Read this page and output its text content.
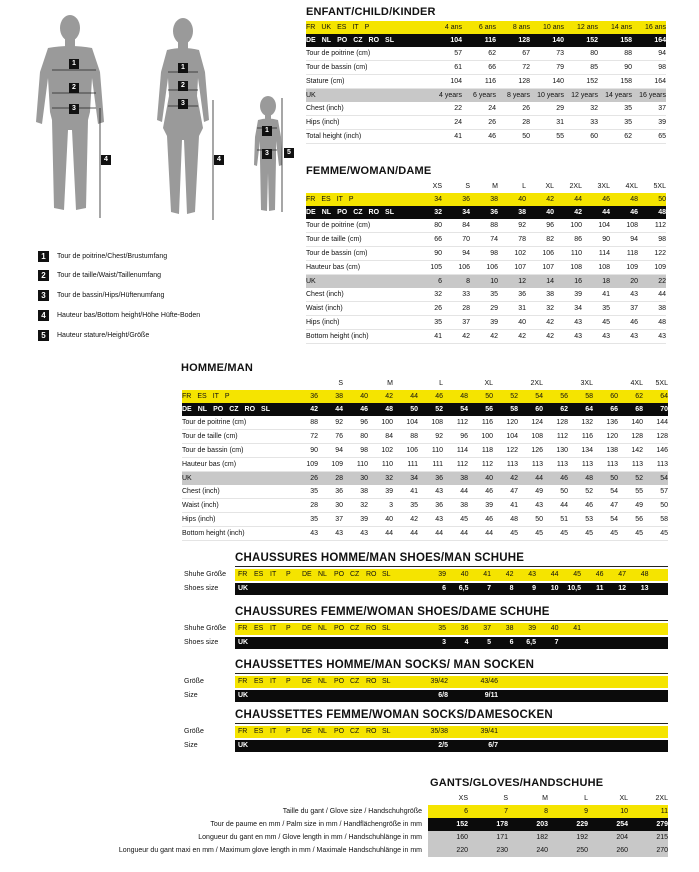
1
2
3
4
1
2
3
4
1
3	5
1 Tour de poitrine/Chest/Brustumfang
2 Tour de taille/Waist/Taillenumfang
3 Tour de bassin/Hips/Hüftenumfang
4 Hauteur bas/Bottom height/Höhe Hüfte-Boden
5 Hauteur stature/Height/Größe
ENFANT/CHILD/KINDER
FR UK ES IT P	4 ans	6 ans	8 ans	10 ans	12 ans	14 ans	16 ans
DE NL PO CZ RO SL	104	116	128	140	152	158	164
Tour de poitrine (cm)	57	62	67	73	80	88	94
Tour de bassin (cm)	61	66	72	79	85	90	98
Stature (cm)	104	116	128	140	152	158	164
UK	4 years	6 years	8 years	10 years	12 years	14 years	16 years
Chest (inch)	22	24	26	29	32	35	37
Hips (inch)	24	26	28	31	33	35	39
Total height (inch)	41	46	50	55	60	62	65
FEMME/WOMAN/DAME
	XS	S	M	L	XL	2XL	3XL	4XL	5XL
FR ES IT P	34	36	38	40	42	44	46	48	50
DE NL PO CZ RO SL	32	34	36	38	40	42	44	46	48
Tour de poitrine (cm)	80	84	88	92	96	100	104	108	112
Tour de taille (cm)	66	70	74	78	82	86	90	94	98
Tour de bassin (cm)	90	94	98	102	106	110	114	118	122
Hauteur bas (cm)	105	106	106	107	107	108	108	109	109
UK	6	8	10	12	14	16	18	20	22
Chest (inch)	32	33	35	36	38	39	41	43	44
Waist (inch)	26	28	29	31	32	34	35	37	38
Hips (inch)	35	37	39	40	42	43	45	46	48
Bottom height (inch)	41	42	42	42	42	43	43	43	43
HOMME/MAN
		S		M		L		XL		2XL		3XL		4XL	5XL
FR ES IT P	36	38	40	42	44	46	48	50	52	54	56	58	60	62	64
DE NL PO CZ RO SL	42	44	46	48	50	52	54	56	58	60	62	64	66	68	70
Tour de poitrine (cm)	88	92	96	100	104	108	112	116	120	124	128	132	136	140	144
Tour de taille (cm)	72	76	80	84	88	92	96	100	104	108	112	116	120	128	128
Tour de bassin (cm)	90	94	98	102	106	110	114	118	122	126	130	134	138	142	146
Hauteur bas (cm)	109	109	110	110	111	111	112	112	113	113	113	113	113	113	113
UK	26	28	30	32	34	36	38	40	42	44	46	48	50	52	54
Chest (inch)	35	36	38	39	41	43	44	46	47	49	50	52	54	55	57
Waist (inch)	28	30	32	3	35	36	38	39	41	43	44	46	47	49	50
Hips (inch)	35	37	39	40	42	43	45	46	48	50	51	53	54	56	58
Bottom height (inch)	43	43	43	44	44	44	44	44	45	45	45	45	45	45	45
CHAUSSURES HOMME/MAN SHOES/MAN SCHUHE
Shuhe Größe FR ES IT P DE NL PO CZ RO SL	39	40	41	42	43	44	45	46	47	48
Shoes size	UK	6	6,5	7	8	9	10	10,5	11	12	13
CHAUSSURES FEMME/WOMAN SHOES/DAME SCHUHE
Shuhe Größe FR ES IT P DE NL PO CZ RO SL	35	36	37	38	39	40	41
Shoes size	UK	3	4	5	6	6,5	7
CHAUSSETTES HOMME/MAN SOCKS/ MAN SOCKEN
Größe	FR ES IT P DE NL PO CZ RO SL	39/42	43/46
Size	UK	6/8	9/11
CHAUSSETTES FEMME/WOMAN SOCKS/DAMESOCKEN
Größe	FR ES IT P DE NL PO CZ RO SL	35/38	39/41
Size	UK	2/5	6/7
GANTS/GLOVES/HANDSCHUHE
	XS	S	M	L	XL	2XL
Taille du gant / Glove size / Handschuhgröße	6	7	8	9	10	11
Tour de paume en mm / Palm size in mm / Handflächengröße in mm	152	178	203	229	254	279
Longueur du gant en mm / Glove length in mm / Handschuhlänge in mm	160	171	182	192	204	215
Longueur du gant maxi en mm / Maximum glove length in mm / Maximale Handschuhlänge in mm	220	230	240	250	260	270
